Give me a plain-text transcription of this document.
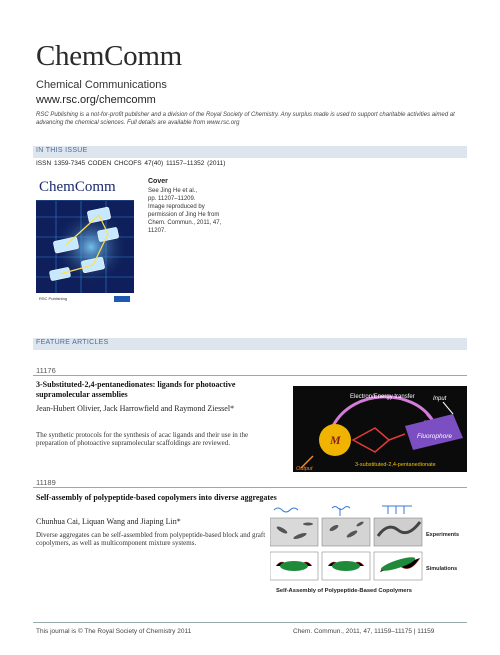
ChemComm
Chemical Communications
www.rsc.org/chemcomm
RSC Publishing is a not-for-profit publisher and a division of the Royal Society of Chemistry. Any surplus made is used to support charitable activities aimed at advancing the chemical sciences. Full details are available from www.rsc.org
IN THIS ISSUE
ISSN 1359-7345 CODEN CHCOFS 47(40) 11157–11352 (2011)
ChemComm
RSC Publishing
Cover
See Jing He et al.,
pp. 11207–11209.
Image reproduced by
permission of Jing He from
Chem. Commun., 2011, 47, 11207.
FEATURE ARTICLES
11176
3-Substituted-2,4-pentanedionates: ligands for photoactive supramolecular assemblies
Jean-Hubert Olivier, Jack Harrowfield and Raymond Ziessel*
The synthetic protocols for the synthesis of acac ligands and their use in the preparation of photoactive supramolecular scaffoldings are reviewed.
Electron/Energy transfer	Input
M	Fluorophore
Output
3-substituted-2,4-pentanedionate
11189
Self-assembly of polypeptide-based copolymers into diverse aggregates
Chunhua Cai, Liquan Wang and Jiaping Lin*
Diverse aggregates can be self-assembled from polypeptide-based block and graft copolymers, as well as multicomponent mixture systems.
Experiments
Simulations
Self-Assembly of Polypeptide-Based Copolymers
This journal is © The Royal Society of Chemistry 2011	Chem. Commun., 2011, 47, 11159–11175 | 11159
